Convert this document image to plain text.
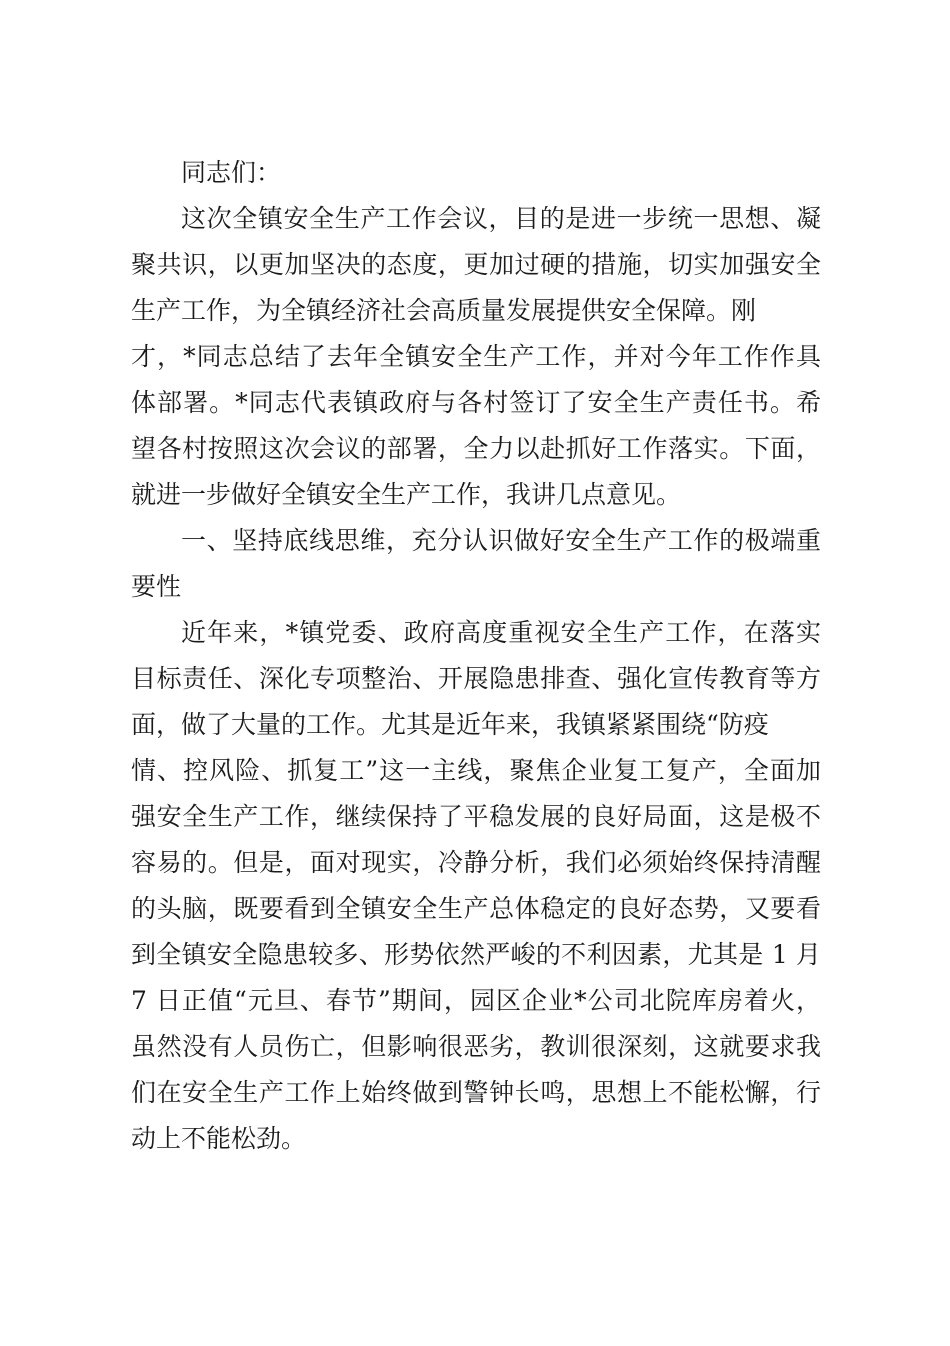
同志们：
这次全镇安全生产工作会议，目的是进一步统一思想、凝
聚共识，以更加坚决的态度，更加过硬的措施，切实加强安全
生产工作，为全镇经济社会高质量发展提供安全保障。刚
才，*同志总结了去年全镇安全生产工作，并对今年工作作具
体部署。*同志代表镇政府与各村签订了安全生产责任书。希
望各村按照这次会议的部署，全力以赴抓好工作落实。下面，
就进一步做好全镇安全生产工作，我讲几点意见。
一、坚持底线思维，充分认识做好安全生产工作的极端重
要性
近年来，*镇党委、政府高度重视安全生产工作，在落实
目标责任、深化专项整治、开展隐患排查、强化宣传教育等方
面，做了大量的工作。尤其是近年来，我镇紧紧围绕“防疫
情、控风险、抓复工”这一主线，聚焦企业复工复产，全面加
强安全生产工作，继续保持了平稳发展的良好局面，这是极不
容易的。但是，面对现实，冷静分析，我们必须始终保持清醒
的头脑，既要看到全镇安全生产总体稳定的良好态势，又要看
到全镇安全隐患较多、形势依然严峻的不利因素，尤其是 1 月
7 日正值“元旦、春节”期间，园区企业*公司北院库房着火，
虽然没有人员伤亡，但影响很恶劣，教训很深刻，这就要求我
们在安全生产工作上始终做到警钟长鸣，思想上不能松懈，行
动上不能松劲。
